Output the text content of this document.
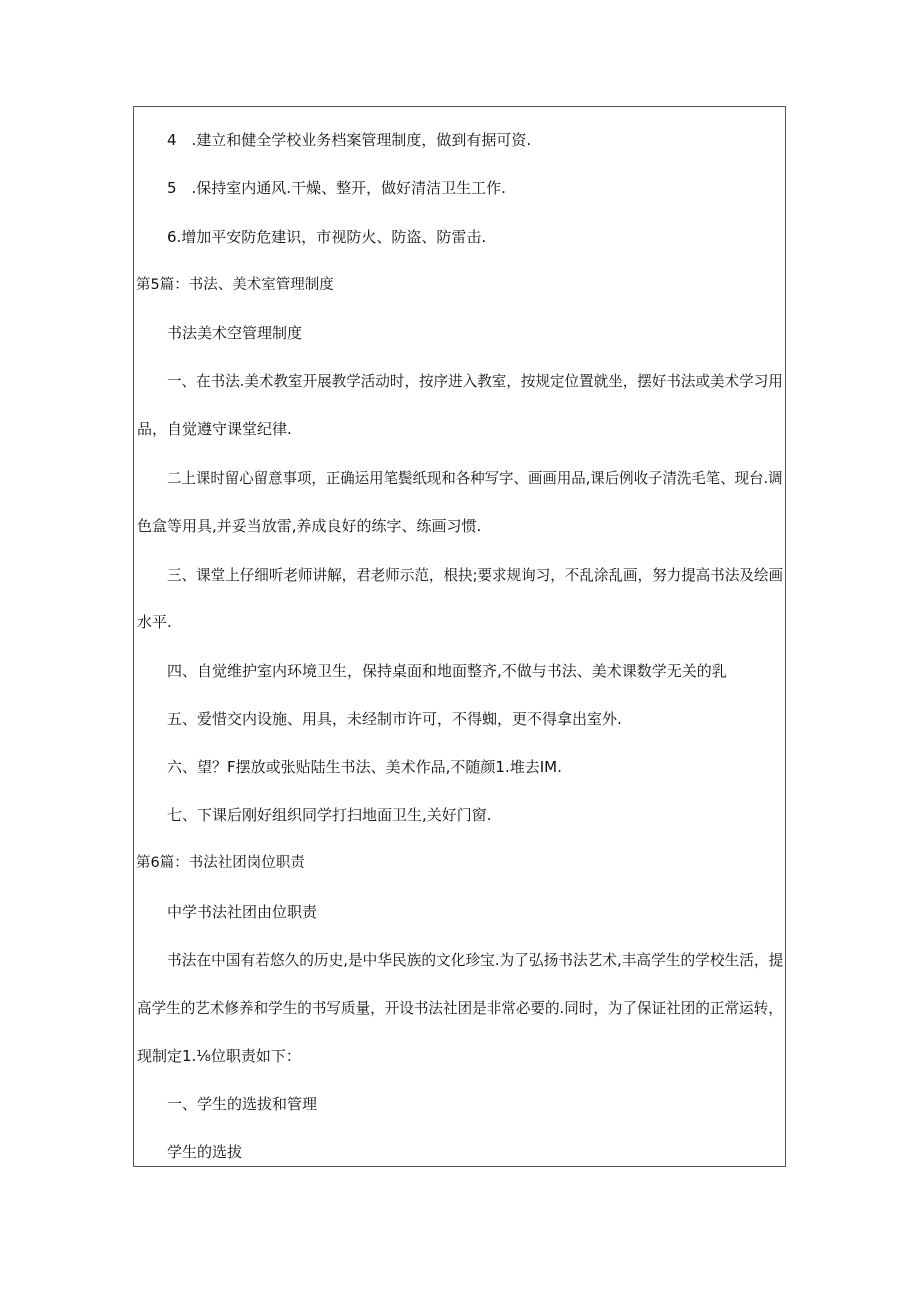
4　.建立和健全学校业务档案管理制度，做到有据可资.
5　.保持室内通风.干燥、整开，做好清洁卫生工作.
6.增加平安防危建识，市视防火、防盗、防雷击.
第5篇：书法、美术室管理制度
书法美术空管理制度
一、在书法.美术教室开展教学活动时，按序进入教室，按规定位置就坐，摆好书法或美术学习用
品，自觉遵守课堂纪律.
二上课时留心留意事项，正确运用笔鬓纸现和各种写字、画画用品,课后例收子清洗毛笔、现台.调
色盒等用具,并妥当放雷,养成良好的练字、练画习惯.
三、课堂上仔细听老师讲解，君老师示范，根抉;要求规询习，不乱涂乱画，努力提高书法及绘画
水平.
四、自觉维护室内环境卫生，保持桌面和地面整齐,不做与书法、美术课数学无关的乳
五、爱惜交内设施、用具，未经制市许可，不得蜘，更不得拿出室外.
六、望？F摆放或张贴陆生书法、美术作品,不随颜1.堆去IM.
七、下课后刚好组织同学打扫地面卫生,关好门窗.
第6篇：书法社团岗位职责
中学书法社团由位职责
书法在中国有若悠久的历史,是中华民族的文化珍宝.为了弘扬书法艺术,丰高学生的学校生活，提
高学生的艺术修养和学生的书写质量，开设书法社团是非常必要的.同时，为了保证社团的正常运转，
现制定1.⅛位职责如下：
一、学生的选拔和管理
学生的选拔
